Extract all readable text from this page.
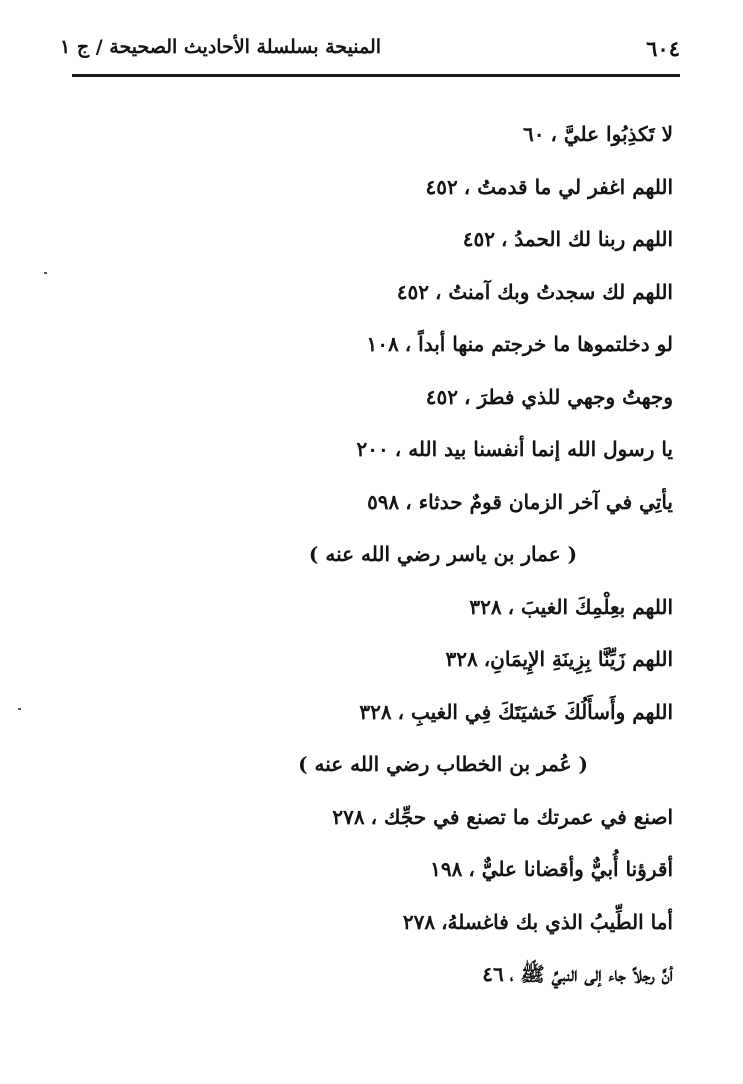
٦٠٤
المنيحة بسلسلة الأحاديث الصحيحة / ج ١
لا تَكذِبُوا عليَّ ،٦٠
اللهم اغفر لي ما قدمتُ ،٤٥٢
اللهم ربنا لك الحمدُ ،٤٥٢
اللهم لك سجدتُ وبك آمنتُ ،٤٥٢
لو دخلتموها ما خرجتم منها أبداً ،١٠٨
وجهتُ وجهي للذي فطرَ ،٤٥٢
يا رسول الله إنما أنفسنا بيد الله ،٢٠٠
يأتِي في آخر الزمان قومٌ حدثاء ،٥٩٨
( عمار بن ياسر رضي الله عنه )
اللهم بعِلْمِكَ الغيبَ ،٣٢٨
اللهم زَيِّنَّا بِزِينَةِ الإِيمَانِ،٣٢٨
اللهم وأَسأَلُكَ خَشيَتَكَ فِي الغيبِ ،٣٢٨
( عُمر بن الخطاب رضي الله عنه )
اصنع في عمرتك ما تصنع في حجِّك ،٢٧٨
أقرؤنا أُبيٌّ وأقضانا عليٌّ ،١٩٨
أما الطِّيبُ الذي بك فاغسلهُ،٢٧٨
أنَّ رجلاً جاء إلى النبيِّ ﷺ ،٤٦
